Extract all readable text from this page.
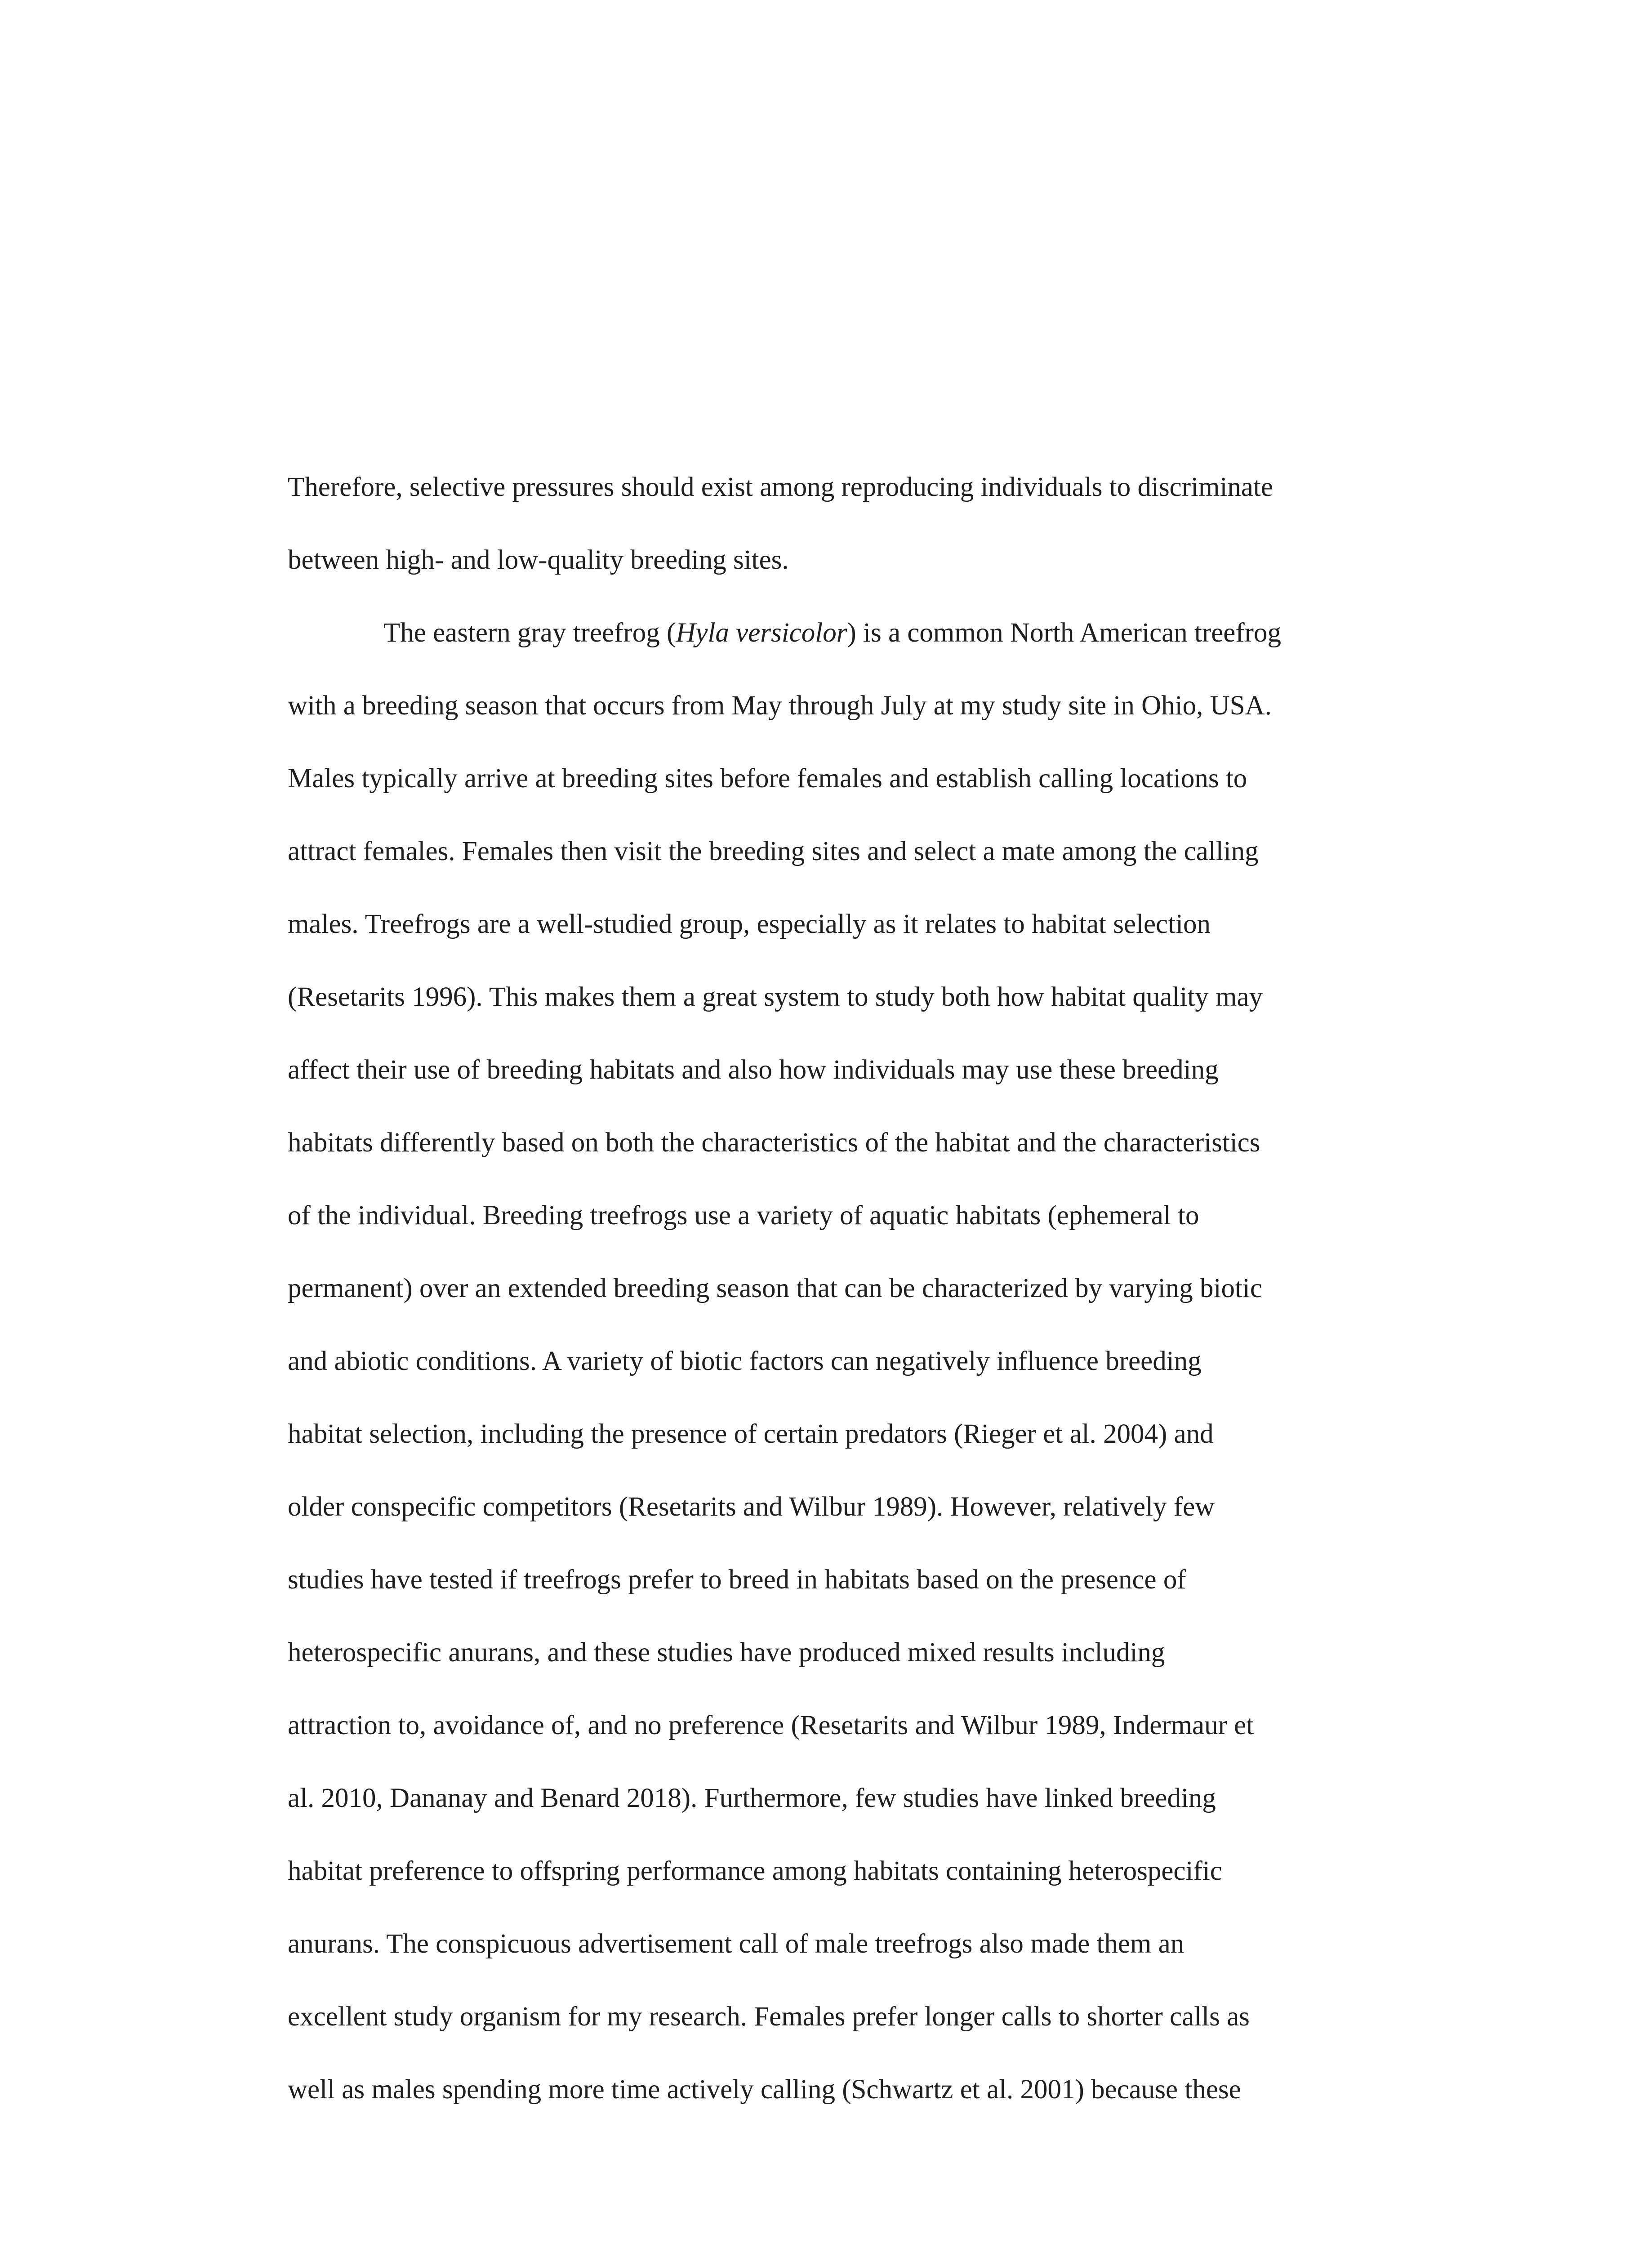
Therefore, selective pressures should exist among reproducing individuals to discriminate
between high- and low-quality breeding sites.
The eastern gray treefrog (Hyla versicolor) is a common North American treefrog
with a breeding season that occurs from May through July at my study site in Ohio, USA.
Males typically arrive at breeding sites before females and establish calling locations to
attract females. Females then visit the breeding sites and select a mate among the calling
males. Treefrogs are a well-studied group, especially as it relates to habitat selection
(Resetarits 1996). This makes them a great system to study both how habitat quality may
affect their use of breeding habitats and also how individuals may use these breeding
habitats differently based on both the characteristics of the habitat and the characteristics
of the individual. Breeding treefrogs use a variety of aquatic habitats (ephemeral to
permanent) over an extended breeding season that can be characterized by varying biotic
and abiotic conditions. A variety of biotic factors can negatively influence breeding
habitat selection, including the presence of certain predators (Rieger et al. 2004) and
older conspecific competitors (Resetarits and Wilbur 1989). However, relatively few
studies have tested if treefrogs prefer to breed in habitats based on the presence of
heterospecific anurans, and these studies have produced mixed results including
attraction to, avoidance of, and no preference (Resetarits and Wilbur 1989, Indermaur et
al. 2010, Dananay and Benard 2018). Furthermore, few studies have linked breeding
habitat preference to offspring performance among habitats containing heterospecific
anurans. The conspicuous advertisement call of male treefrogs also made them an
excellent study organism for my research. Females prefer longer calls to shorter calls as
well as males spending more time actively calling (Schwartz et al. 2001) because these
